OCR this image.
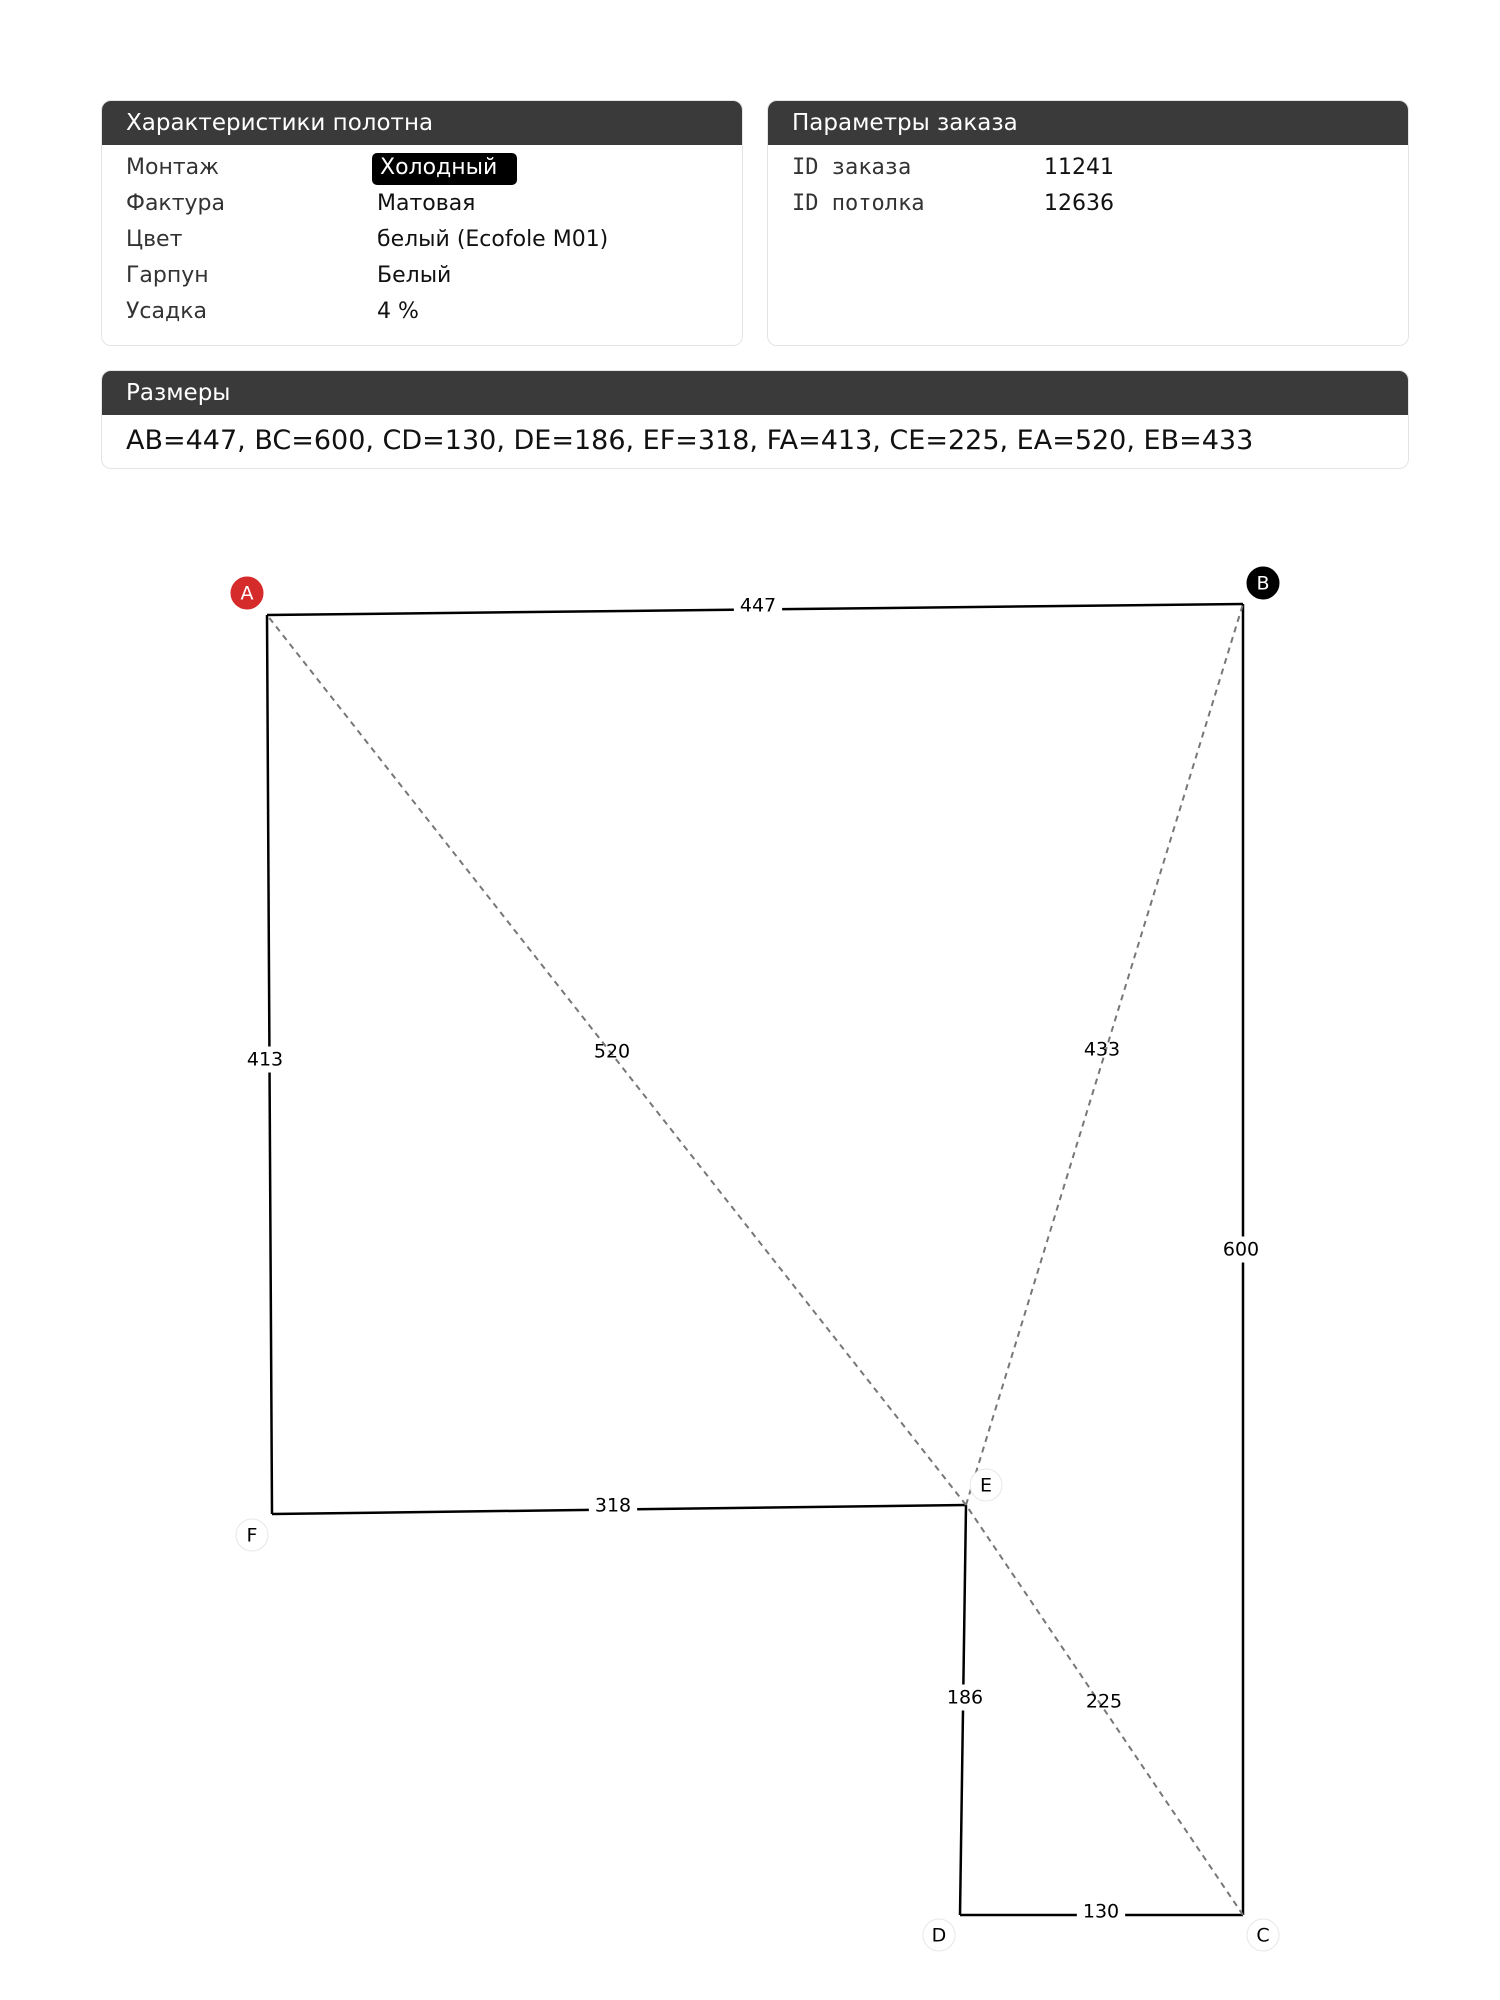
Характеристики полотна
Монтаж	Холодный
Фактура	Матовая
Цвет	белый (Ecofole M01)
Гарпун	Белый
Усадка	4 %
Параметры заказа
ID заказа	11241
ID потолка	12636
Размеры
AB=447, BC=600, CD=130, DE=186, EF=318, FA=413, CE=225, EA=520, EB=433
447
600
130
186
318
413
225
520	433
A	B
C
D
E
F
